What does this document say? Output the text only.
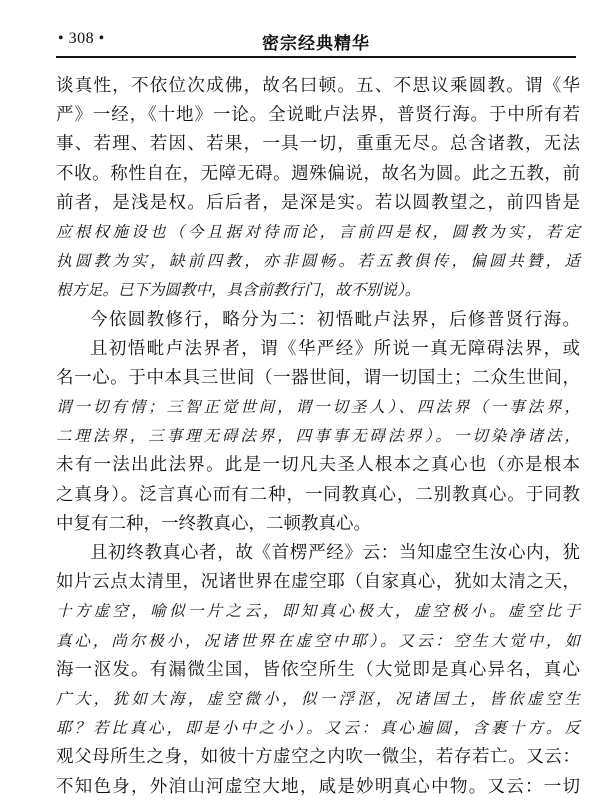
• 308 •	密宗经典精华
谈真性，不依位次成佛，故名曰顿。五、不思议乘圆教。谓《华
严》一经，《十地》一论。全说毗卢法界，普贤行海。于中所有若
事、若理、若因、若果，一具一切，重重无尽。总含诸教，无法
不收。称性自在，无障无碍。週殊偏说，故名为圆。此之五教，前
前者，是浅是权。后后者，是深是实。若以圆教望之，前四皆是
应根权施设也（今且据对待而论，言前四是权，圆教为实，若定
执圆教为实，缺前四教，亦非圆畅。若五教俱传，偏圆共贊，适
根方足。已下为圆教中，具含前教行门，故不别说）。
今依圆教修行，略分为二：初悟毗卢法界，后修普贤行海。
且初悟毗卢法界者，谓《华严经》所说一真无障碍法界，或
名一心。于中本具三世间（一器世间，谓一切国土；二众生世间，
谓一切有情；三智正觉世间，谓一切圣人）、四法界（一事法界，
二理法界，三事理无碍法界，四事事无碍法界）。一切染净诸法，
未有一法出此法界。此是一切凡夫圣人根本之真心也（亦是根本
之真身）。泛言真心而有二种，一同教真心，二别教真心。于同教
中复有二种，一终教真心，二顿教真心。
且初终教真心者，故《首楞严经》云：当知虚空生汝心内，犹
如片云点太清里，况诸世界在虚空耶（自家真心，犹如太清之天，
十方虚空，喻似一片之云，即知真心极大，虚空极小。虚空比于
真心，尚尔极小，况诸世界在虚空中耶）。又云：空生大觉中，如
海一沤发。有漏微尘国，皆依空所生（大觉即是真心异名，真心
广大，犹如大海，虚空微小，似一浮沤，况诸国土，皆依虚空生
耶？若比真心，即是小中之小）。又云：真心遍圆，含裹十方。反
观父母所生之身，如彼十方虚空之内吹一微尘，若存若亡。又云：
不知色身，外洎山河虚空大地，咸是妙明真心中物。又云：一切
